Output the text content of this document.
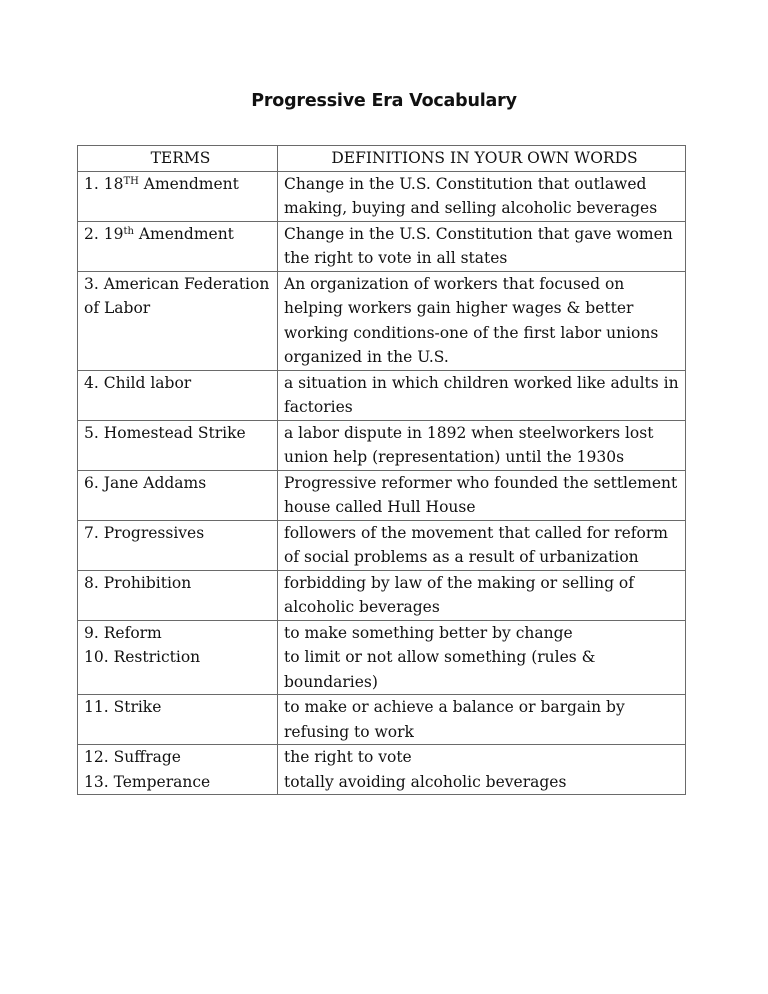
Progressive Era Vocabulary
TERMS	DEFINITIONS IN YOUR OWN WORDS
1. 18TH Amendment	Change in the U.S. Constitution that outlawed making, buying and selling alcoholic beverages
2. 19th Amendment	Change in the U.S. Constitution that gave women the right to vote in all states
3. American Federation of Labor	An organization of workers that focused on helping workers gain higher wages & better working conditions-one of the first labor unions organized in the U.S.
4. Child labor	a situation in which children worked like adults in factories
5. Homestead Strike	a labor dispute in 1892 when steelworkers lost union help (representation) until the 1930s
6. Jane Addams	Progressive reformer who founded the settlement house called Hull House
7. Progressives	followers of the movement that called for reform of social problems as a result of urbanization
8. Prohibition	forbidding by law of the making or selling of alcoholic beverages
9. Reform	to make something better by change
10. Restriction	to limit or not allow something (rules & boundaries)
11. Strike	to make or achieve a balance or bargain by refusing to work
12. Suffrage	the right to vote
13. Temperance	totally avoiding alcoholic beverages
